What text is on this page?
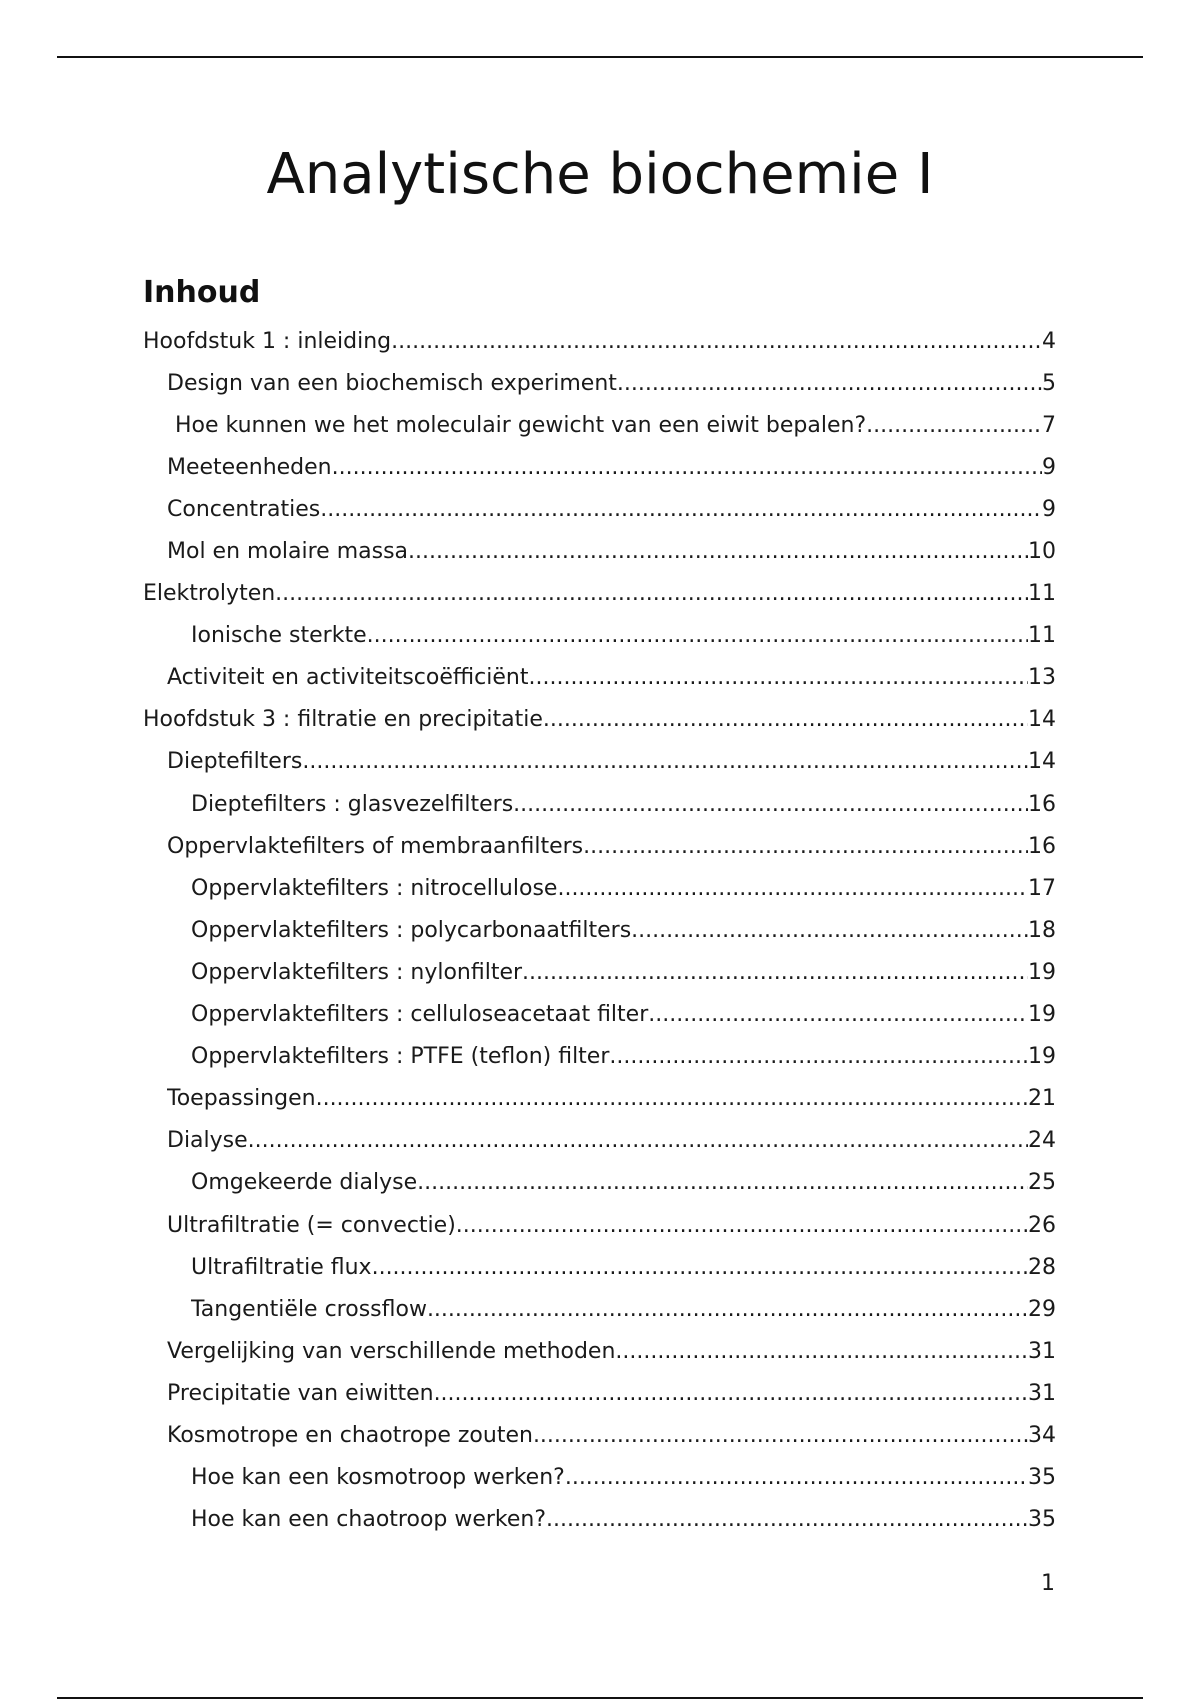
Analytische biochemie I
Inhoud
Hoofdstuk 1 : inleiding .....	4
Design van een biochemisch experiment .....	5
Hoe kunnen we het moleculair gewicht van een eiwit bepalen? .....	7
Meeteenheden .....	9
Concentraties .....	9
Mol en molaire massa .....	10
Elektrolyten .....	11
Ionische sterkte .....	11
Activiteit en activiteitscoëfficiënt .....	13
Hoofdstuk 3 : filtratie en precipitatie .....	14
Dieptefilters .....	14
Dieptefilters : glasvezelfilters .....	16
Oppervlaktefilters of membraanfilters .....	16
Oppervlaktefilters : nitrocellulose .....	17
Oppervlaktefilters : polycarbonaatfilters .....	18
Oppervlaktefilters : nylonfilter .....	19
Oppervlaktefilters : celluloseacetaat filter .....	19
Oppervlaktefilters : PTFE (teflon) filter .....	19
Toepassingen .....	21
Dialyse .....	24
Omgekeerde dialyse .....	25
Ultrafiltratie (= convectie) .....	26
Ultrafiltratie flux .....	28
Tangentiële crossflow .....	29
Vergelijking van verschillende methoden .....	31
Precipitatie van eiwitten .....	31
Kosmotrope en chaotrope zouten .....	34
Hoe kan een kosmotroop werken? .....	35
Hoe kan een chaotroop werken? .....	35
1
